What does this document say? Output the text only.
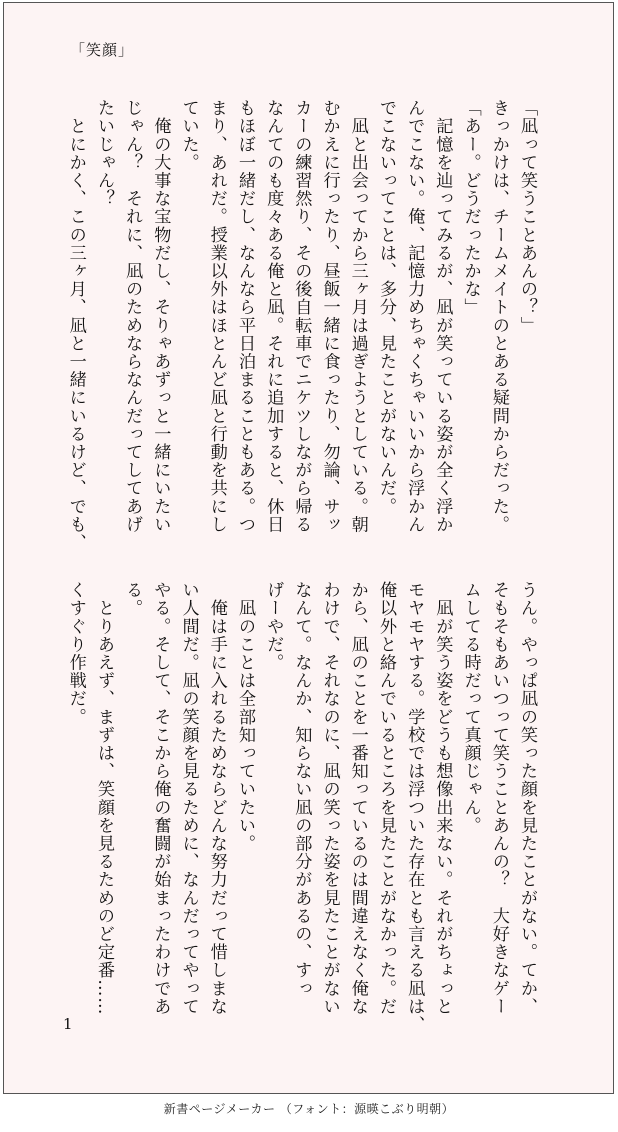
「笑顔」
「凪って笑うことあんの？」
きっかけは、チームメイトのとある疑問からだった。
「あー。どうだったかな」
　記憶を辿ってみるが、凪が笑っている姿が全く浮か
んでこない。俺、記憶力めちゃくちゃいいから浮かん
でこないってことは、多分、見たことがないんだ。
　凪と出会ってから三ヶ月は過ぎようとしている。朝
むかえに行ったり、昼飯一緒に食ったり、勿論、サッ
カーの練習然り、その後自転車でニケツしながら帰る
なんてのも度々ある俺と凪。それに追加すると、休日
もほぼ一緒だし、なんなら平日泊まることもある。つ
まり、あれだ。授業以外はほとんど凪と行動を共にし
ていた。
　俺の大事な宝物だし、そりゃあずっと一緒にいたい
じゃん？　それに、凪のためならなんだってしてあげ
たいじゃん？
　とにかく、この三ヶ月、凪と一緒にいるけど、でも、
うん。やっぱ凪の笑った顔を見たことがない。てか、
そもそもあいつって笑うことあんの？　大好きなゲー
ムしてる時だって真顔じゃん。
　凪が笑う姿をどうも想像出来ない。それがちょっと
モヤモヤする。学校では浮ついた存在とも言える凪は、
俺以外と絡んでいるところを見たことがなかった。だ
から、凪のことを一番知っているのは間違えなく俺な
わけで、それなのに、凪の笑った姿を見たことがない
なんて。なんか、知らない凪の部分があるの、すっ
げーやだ。
　凪のことは全部知っていたい。
　俺は手に入れるためならどんな努力だって惜しまな
い人間だ。凪の笑顔を見るために、なんだってやって
やる。そして、そこから俺の奮闘が始まったわけであ
る。
　とりあえず、まずは、笑顔を見るためのど定番……
くすぐり作戦だ。
1
新書ページメーカー （フォント：源暎こぶり明朝）
